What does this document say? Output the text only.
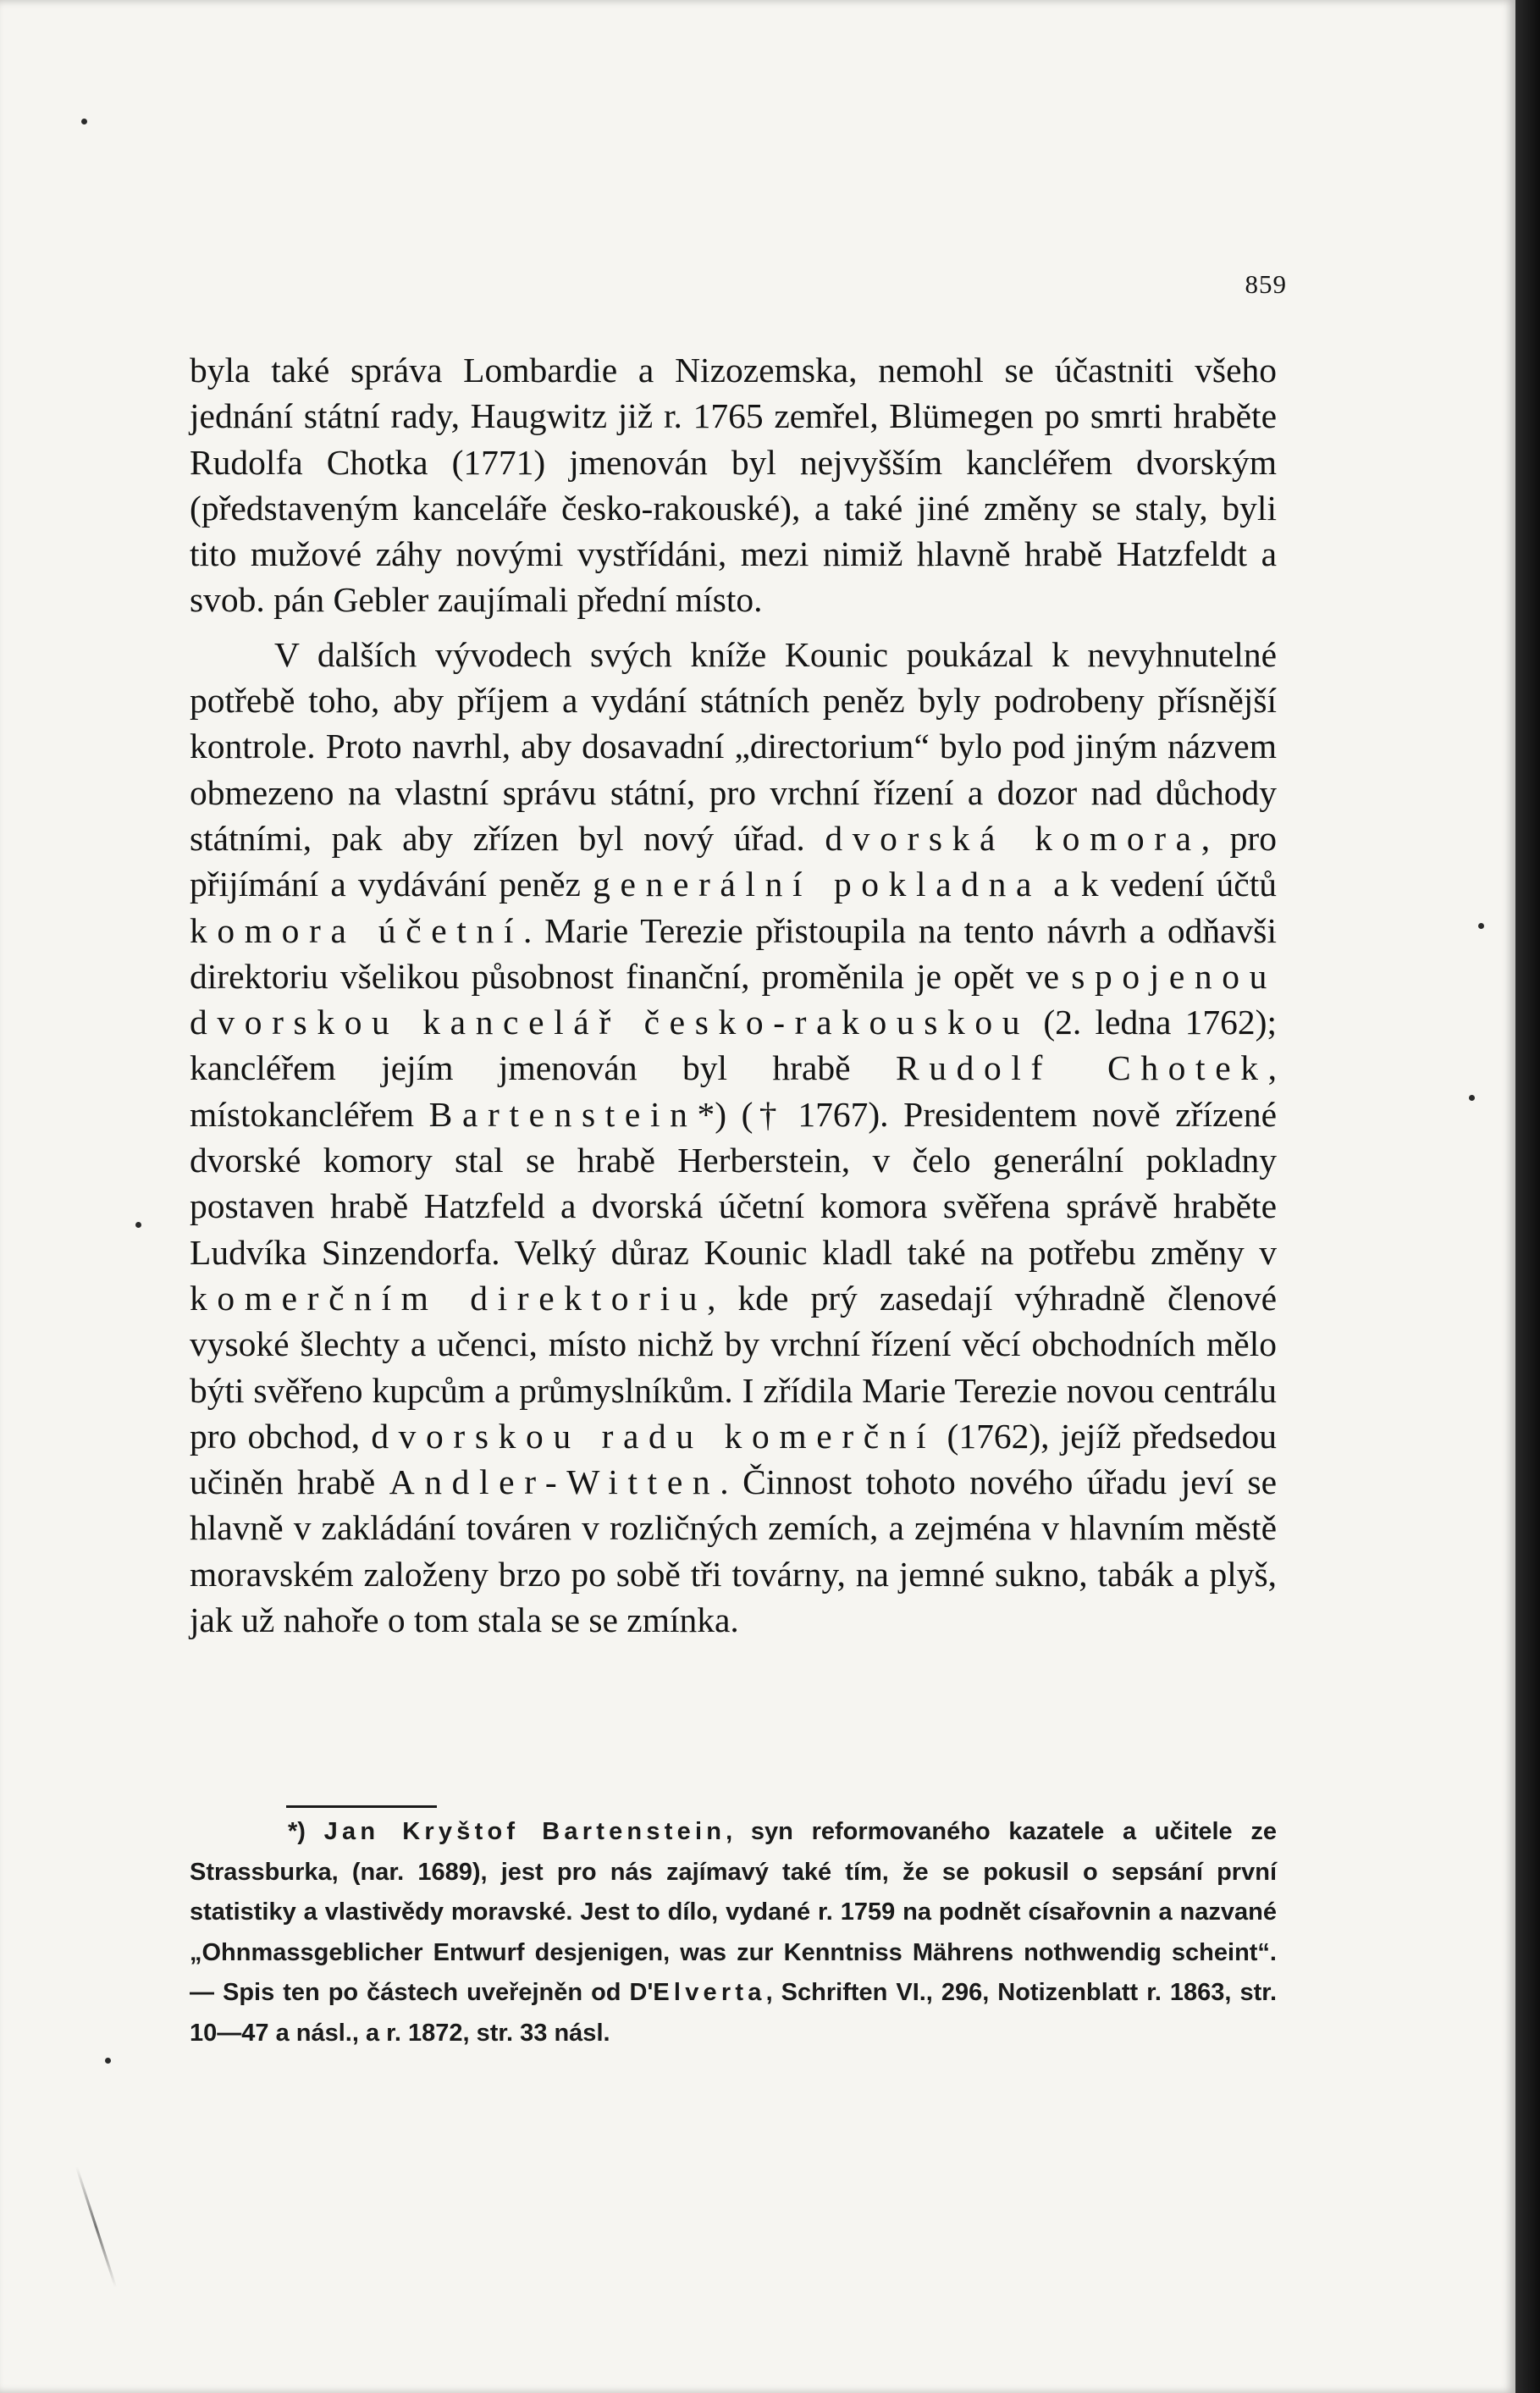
859

byla také správa Lombardie a Nizozemska, nemohl se účastniti všeho jednání státní rady, Haugwitz již r. 1765 zemřel, Blümegen po smrti hraběte Rudolfa Chotka (1771) jmenován byl nejvyšším kancléřem dvorským (představeným kanceláře česko-rakouské), a také jiné změny se staly, byli tito mužové záhy novými vystřídáni, mezi nimiž hlavně hrabě Hatzfeldt a svob. pán Gebler zaujímali přední místo.

V dalších vývodech svých kníže Kounic poukázal k nevyhnutelné potřebě toho, aby příjem a vydání státních peněz byly podrobeny přísnější kontrole. Proto navrhl, aby dosavadní „directorium“ bylo pod jiným názvem obmezeno na vlastní správu státní, pro vrchní řízení a dozor nad důchody státními, pak aby zřízen byl nový úřad. dvorská komora, pro přijímání a vydávání peněz generální pokladna a k vedení účtů komora účetní. Marie Terezie přistoupila na tento návrh a odňavši direktoriu všelikou působnost finanční, proměnila je opět ve spojenou dvorskou kancelář česko-rakouskou (2. ledna 1762); kancléřem jejím jmenován byl hrabě Rudolf Chotek, místokancléřem Bartenstein*) († 1767). Presidentem nově zřízené dvorské komory stal se hrabě Herberstein, v čelo generální pokladny postaven hrabě Hatzfeld a dvorská účetní komora svěřena správě hraběte Ludvíka Sinzendorfa. Velký důraz Kounic kladl také na potřebu změny v komerčním direktoriu, kde prý zasedají výhradně členové vysoké šlechty a učenci, místo nichž by vrchní řízení věcí obchodních mělo býti svěřeno kupcům a průmyslníkům. I zřídila Marie Terezie novou centrálu pro obchod, dvorskou radu komerční (1762), jejíž předsedou učiněn hrabě Andler-Witten. Činnost tohoto nového úřadu jeví se hlavně v zakládání továren v rozličných zemích, a zejména v hlavním městě moravském založeny brzo po sobě tři továrny, na jemné sukno, tabák a plyš, jak už nahoře o tom stala se se zmínka.

*) Jan Kryštof Bartenstein, syn reformovaného kazatele a učitele ze Strassburka, (nar. 1689), jest pro nás zajímavý také tím, že se pokusil o sepsání první statistiky a vlastivědy moravské. Jest to dílo, vydané r. 1759 na podnět císařovnin a nazvané „Ohnmassgeblicher Entwurf desjenigen, was zur Kenntniss Mährens nothwendig scheint“. — Spis ten po částech uveřejněn od D'Elverta, Schriften VI., 296, Notizenblatt r. 1863, str. 10—47 a násl., a r. 1872, str. 33 násl.
